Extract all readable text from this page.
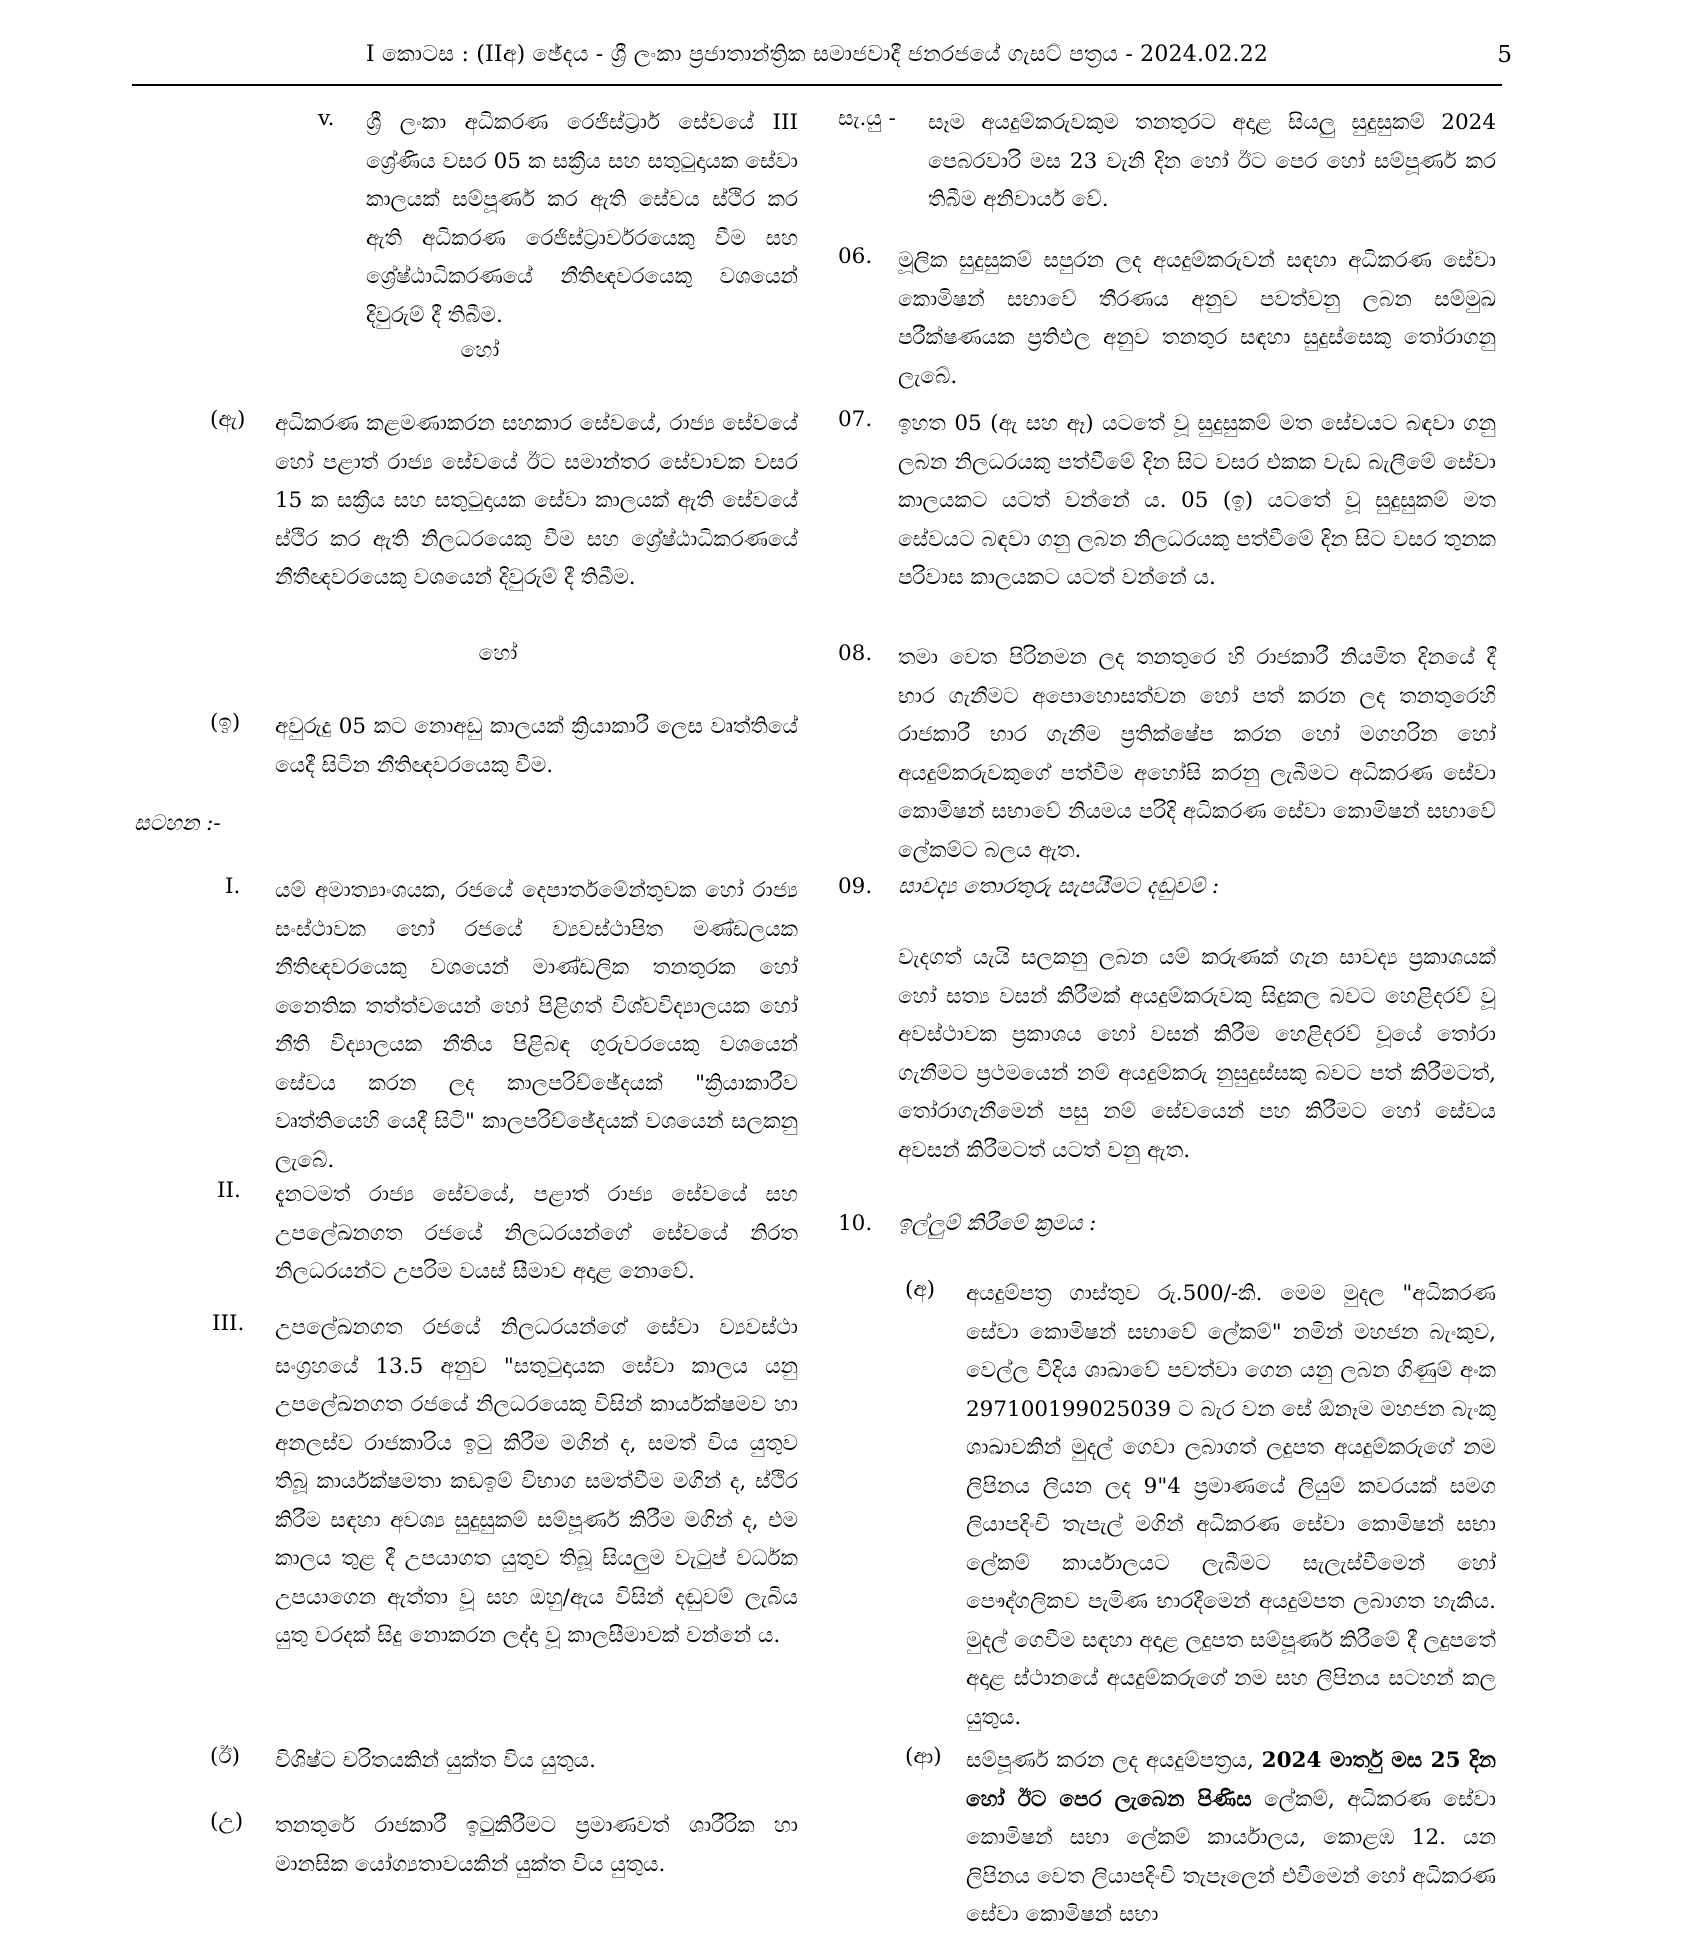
I කොටස : (IIඅ) ඡේදය - ශ්‍රී ලංකා ප්‍රජාතාන්ත්‍රික සමාජවාදී ජනරජයේ ගැසට් පත්‍රය - 2024.02.22	5
v. ශ්‍රී ලංකා අධිකරණ රෙජිස්ට්‍රාර් සේවයේ III ශ්‍රේණිය වසර 05 ක සක්‍රීය සහ සතුටුදායක සේවා කාලයක් සම්පූර්ණ කර ඇති සේවය ස්ථිර කර ඇති අධිකරණ රෙජිස්ට්‍රාර්වරයෙකු වීම සහ ශ්‍රේෂ්ඨාධිකරණයේ නීතිඥවරයෙකු වශයෙන් දිවුරුම් දී තිබීම.

හෝ
(ඇ) අධිකරණ කළමණාකරන සහකාර සේවයේ, රාජ්‍ය සේවයේ හෝ පළාත් රාජ්‍ය සේවයේ ඊට සමාන්තර සේවාවක වසර 15 ක සක්‍රීය සහ සතුටුදායක සේවා කාලයක් ඇති සේවයේ ස්ථිර කර ඇති නිලධරයෙකු වීම සහ ශ්‍රේෂ්ඨාධිකරණයේ නීතීඥවරයෙකු වශයෙන් දිවුරුම් දී තිබීම.

හෝ
(ඉ) අවුරුදු 05 කට නොඅඩු කාලයක් ක්‍රියාකාරී ලෙස වෘත්තියේ යෙදී සිටින නීතිඥවරයෙකු වීම.

සටහන :-
I. යම් අමාත්‍යාංශයක, රජයේ දෙපාර්තමේන්තුවක හෝ රාජ්‍ය සංස්ථාවක හෝ රජයේ ව්‍යවස්ථාපිත මණ්ඩලයක නීතිඥවරයෙකු වශයෙන් මාණ්ඩලික තනතුරක හෝ නෛතික තත්ත්වයෙන් හෝ පිළිගත් විශ්වවිද්‍යාලයක හෝ නීති විද්‍යාලයක නීතිය පිළිබඳ ගුරුවරයෙකු වශයෙන් සේවය කරන ලද කාලපරිච්ඡේදයක් "ක්‍රියාකාරීව වෘත්තියෙහි යෙදී සිටි" කාලපරිච්ඡේදයක් වශයෙන් සලකනු ලැබේ.

II. දැනටමත් රාජ්‍ය සේවයේ, පළාත් රාජ්‍ය සේවයේ සහ උපලේඛනගත රජයේ නිලධරයන්ගේ සේවයේ නිරත නිලධරයන්ට උපරිම වයස් සීමාව අදාළ නොවේ.

III. උපලේඛනගත රජයේ නිලධරයන්ගේ සේවා ව්‍යවස්ථා සංග්‍රහයේ 13.5 අනුව "සතුටුදායක සේවා කාලය යනු උපලේඛනගත රජයේ නිලධරයෙකු විසින් කාර්යක්ෂමව හා අනලස්ව රාජකාරිය ඉටු කිරීම මගින් ද, සමත් විය යුතුව තිබූ කාර්යක්ෂමතා කඩඉම් විභාග සමත්වීම මගින් ද, ස්ථිර කිරීම සඳහා අවශ්‍ය සුදුසුකම් සම්පූර්ණ කිරීම මගින් ද, එම කාලය තුළ දී උපයාගත යුතුව තිබූ සියලුම වැටුප් වර්ධක උපයාගෙන ඇත්තා වූ සහ ඔහු/ඇය විසින් දඬුවම් ලැබිය යුතු වරදක් සිදු නොකරන ලද්දා වූ කාලසීමාවක් වන්නේ ය.

(ඊ) විශිෂ්ට චරිතයකින් යුක්ත විය යුතුය.

(උ) තනතුරේ රාජකාරී ඉටුකිරීමට ප්‍රමාණවත් ශාරීරික හා මානසික යෝග්‍යතාවයකින් යුක්ත විය යුතුය.

සැ.යු - සෑම අයදුම්කරුවකුම තනතුරට අදාළ සියලු සුදුසුකම් 2024 පෙබරවාරි මස 23 වැනි දින හෝ ඊට පෙර හෝ සම්පූර්ණ කර තිබීම අනිවාර්ය වේ.

06. මූලික සුදුසුකම් සපුරන ලද අයදුම්කරුවන් සඳහා අධිකරණ සේවා කොමිෂන් සභාවේ තීරණය අනුව පවත්වනු ලබන සම්මුඛ පරීක්ෂණයක ප්‍රතිඵල අනුව තනතුර සඳහා සුදුස්සෙකු තෝරාගනු ලැබේ.

07. ඉහත 05 (ඇ සහ ඈ) යටතේ වූ සුදුසුකම් මත සේවයට බඳවා ගනු ලබන නිලධරයකු පත්වීමේ දින සිට වසර එකක වැඩ බැලීමේ සේවා කාලයකට යටත් වන්නේ ය. 05 (ඉ) යටතේ වූ සුදුසුකම් මත සේවයට බඳවා ගනු ලබන නිලධරයකු පත්වීමේ දින සිට වසර තුනක පරිවාස කාලයකට යටත් වන්නේ ය.

08. තමා වෙත පිරිනමන ලද තනතුරෙ හි රාජකාරී නියමිත දිනයේ දී භාර ගැනීමට අපොහොසත්වන හෝ පත් කරන ලද තනතුරෙහි රාජකාරී භාර ගැනීම ප්‍රතික්ෂේප කරන හෝ මගහරින හෝ අයදුම්කරුවකුගේ පත්වීම අහෝසි කරනු ලැබීමට අධිකරණ සේවා කොමිෂන් සභාවේ නියමය පරිදි අධිකරණ සේවා කොමිෂන් සභාවේ ලේකම්ට බලය ඇත.

09. සාවද්‍ය තොරතුරු සැපයීමට දඬුවම් :

වැදගත් යැයි සලකනු ලබන යම් කරුණක් ගැන සාවද්‍ය ප්‍රකාශයක් හෝ සත්‍ය වසන් කිරීමක් අයදුම්කරුවකු සිදුකල බවට හෙළිදරව් වූ අවස්ථාවක ප්‍රකාශය හෝ වසන් කිරීම හෙළිදරව් වූයේ තෝරා ගැනීමට ප්‍රථමයෙන් නම් අයදුම්කරු නුසුදුස්සකු බවට පත් කිරීමටත්, තෝරාගැනීමෙන් පසු නම් සේවයෙන් පහ කිරීමට හෝ සේවය අවසන් කිරීමටත් යටත් වනු ඇත.

10. ඉල්ලුම් කිරීමේ ක්‍රමය :
(අ) අයදුම්පත්‍ර ගාස්තුව රු.500/-කි. මෙම මුදල "අධිකරණ සේවා කොමිෂන් සභාවේ ලේකම්" නමින් මහජන බැංකුව, වෙල්ල වීදිය ශාඛාවේ පවත්වා ගෙන යනු ලබන ගිණුම් අංක 297100199025039 ට බැර වන සේ ඕනෑම මහජන බැංකු ශාඛාවකින් මුදල් ගෙවා ලබාගත් ලදුපත අයදුම්කරුගේ නම ලිපිනය ලියන ලද 9"4 ප්‍රමාණයේ ලියුම් කවරයක් සමග ලියාපදිංචි තැපැල් මගින් අධිකරණ සේවා කොමිෂන් සභා ලේකම් කාර්යාලයට ලැබීමට සැලැස්වීමෙන් හෝ පෞද්ගලිකව පැමිණ භාරදීමෙන් අයදුම්පත ලබාගත හැකිය. මුදල් ගෙවීම සඳහා අදාළ ලදුපත සම්පූර්ණ කිරීමේ දී ලදුපතේ අදාළ ස්ථානයේ අයදුම්කරුගේ නම සහ ලිපිනය සටහන් කල යුතුය.

(ආ) සම්පූර්ණ කරන ලද අයදුම්පත්‍රය, 2024 මාර්තු මස 25 දින හෝ ඊට පෙර ලැබෙන පිණිස ලේකම්, අධිකරණ සේවා කොමිෂන් සභා ලේකම් කාර්යාලය, කොළඹ 12. යන ලිපිනය වෙත ලියාපදිංචි තැපෑලෙන් එවීමෙන් හෝ අධිකරණ සේවා කොමිෂන් සභා
